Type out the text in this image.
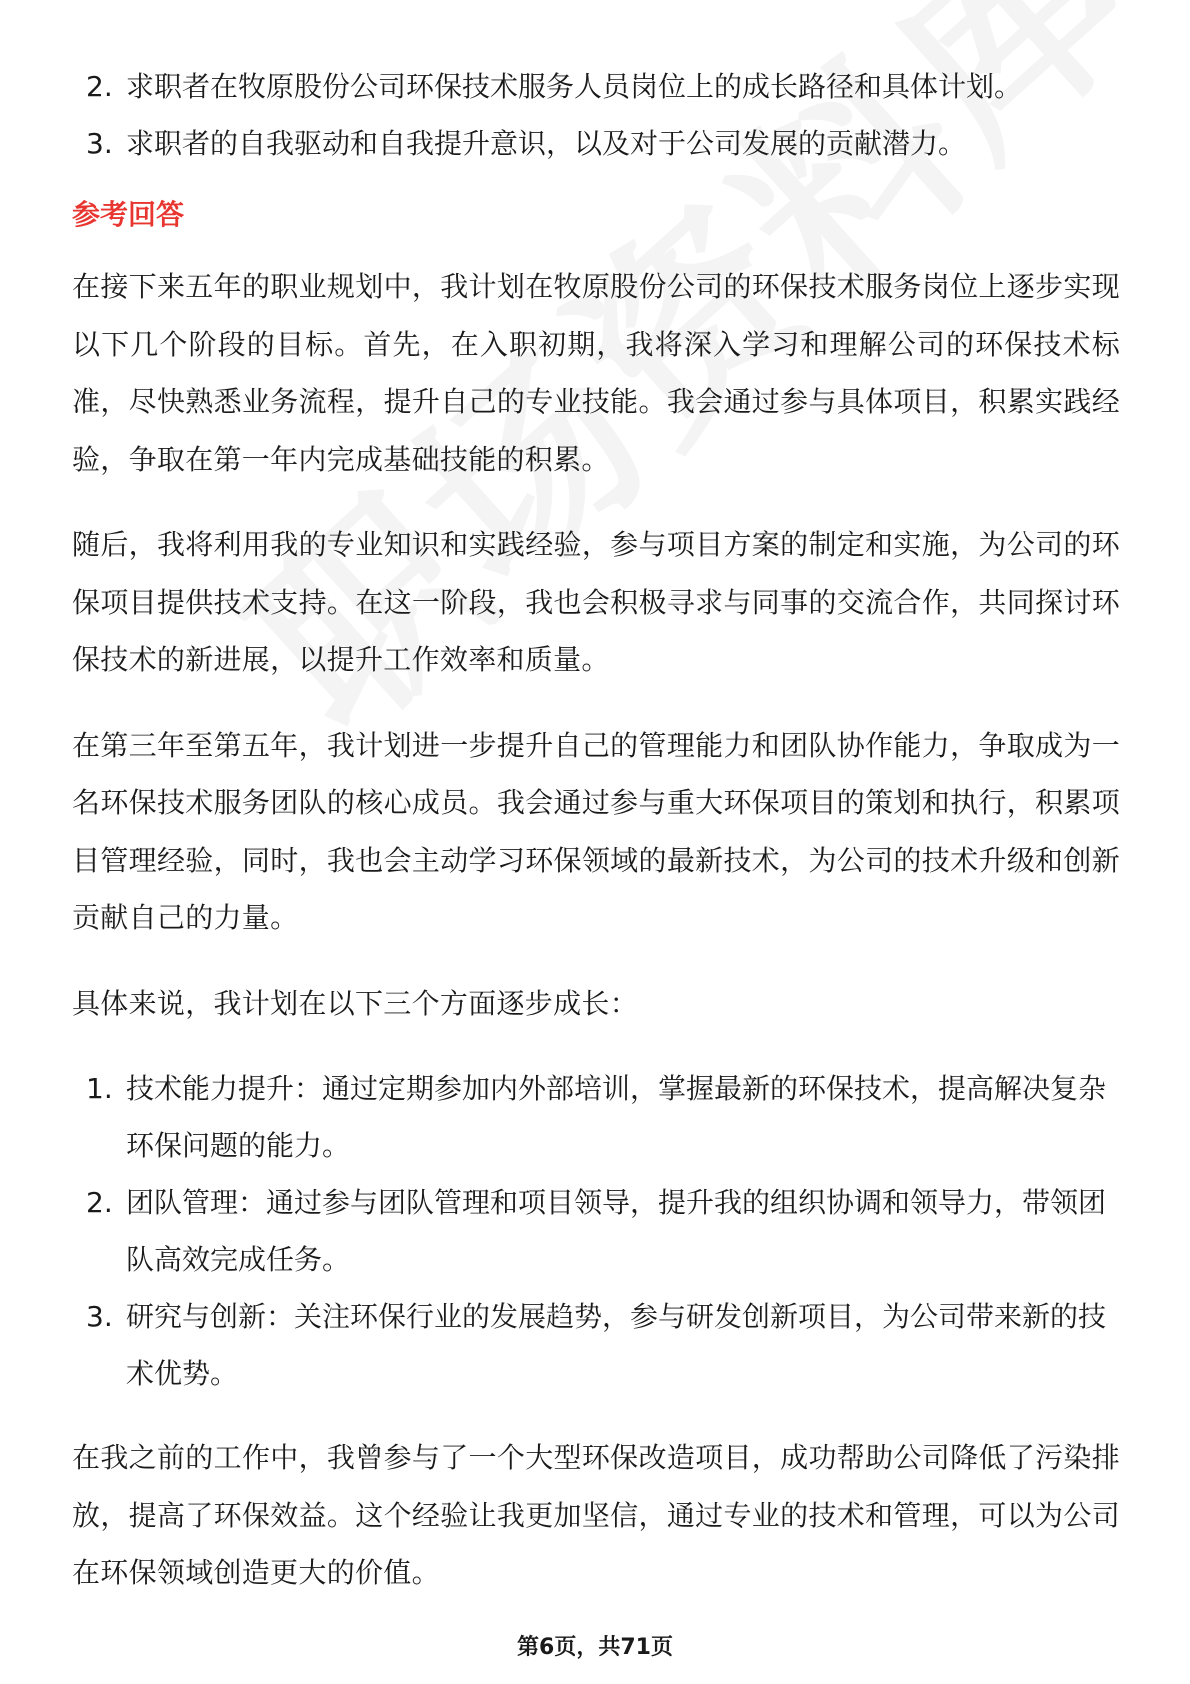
2. 求职者在牧原股份公司环保技术服务人员岗位上的成长路径和具体计划。
3. 求职者的自我驱动和自我提升意识，以及对于公司发展的贡献潜力。
参考回答

在接下来五年的职业规划中，我计划在牧原股份公司的环保技术服务岗位上逐步实现以下几个阶段的目标。首先，在入职初期，我将深入学习和理解公司的环保技术标准，尽快熟悉业务流程，提升自己的专业技能。我会通过参与具体项目，积累实践经验，争取在第一年内完成基础技能的积累。

随后，我将利用我的专业知识和实践经验，参与项目方案的制定和实施，为公司的环保项目提供技术支持。在这一阶段，我也会积极寻求与同事的交流合作，共同探讨环保技术的新进展，以提升工作效率和质量。

在第三年至第五年，我计划进一步提升自己的管理能力和团队协作能力，争取成为一名环保技术服务团队的核心成员。我会通过参与重大环保项目的策划和执行，积累项目管理经验，同时，我也会主动学习环保领域的最新技术，为公司的技术升级和创新贡献自己的力量。

具体来说，我计划在以下三个方面逐步成长：

1. 技术能力提升：通过定期参加内外部培训，掌握最新的环保技术，提高解决复杂环保问题的能力。
2. 团队管理：通过参与团队管理和项目领导，提升我的组织协调和领导力，带领团队高效完成任务。
3. 研究与创新：关注环保行业的发展趋势，参与研发创新项目，为公司带来新的技术优势。

在我之前的工作中，我曾参与了一个大型环保改造项目，成功帮助公司降低了污染排放，提高了环保效益。这个经验让我更加坚信，通过专业的技术和管理，可以为公司在环保领域创造更大的价值。

第6页，共71页
